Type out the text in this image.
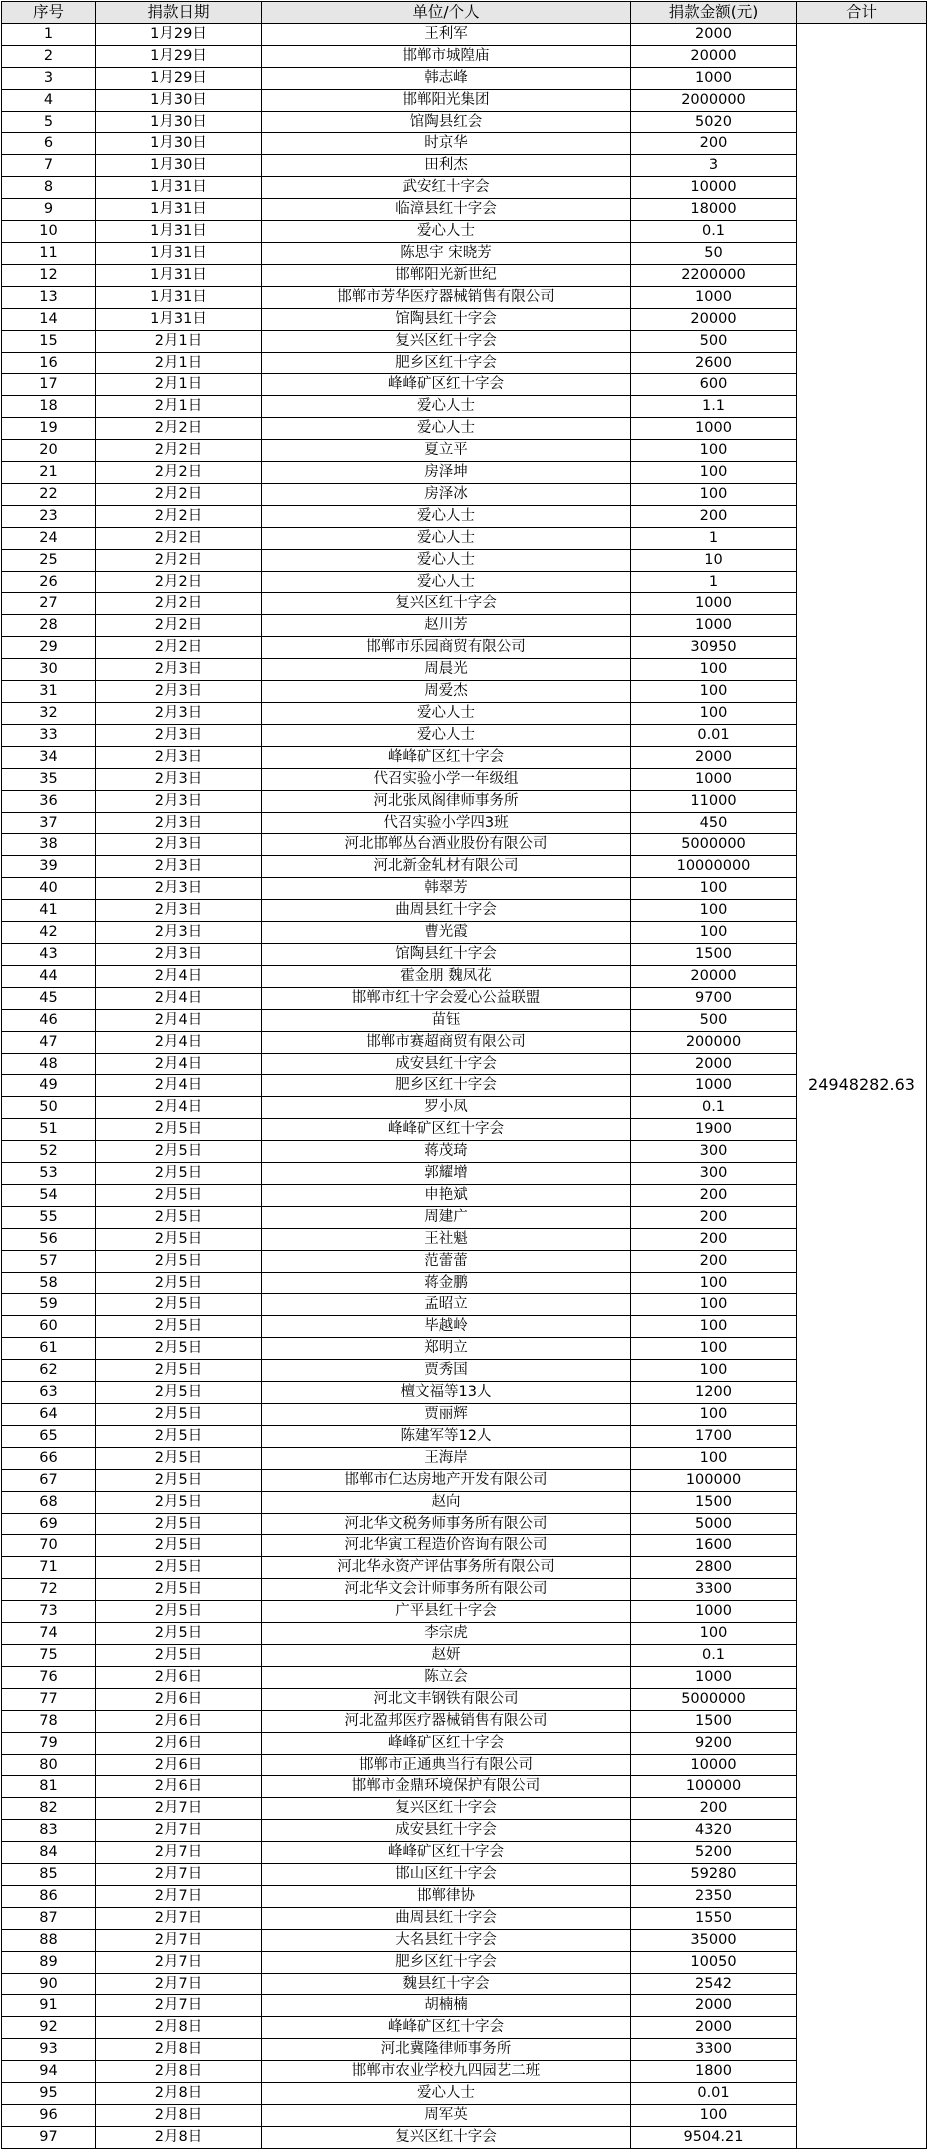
序号	捐款日期	单位/个人	捐款金额(元)	合计
1	1月29日	王利军	2000	24948282.63
2	1月29日	邯郸市城隍庙	20000	
3	1月29日	韩志峰	1000	
4	1月30日	邯郸阳光集团	2000000	
5	1月30日	馆陶县红会	5020	
6	1月30日	时京华	200	
7	1月30日	田利杰	3	
8	1月31日	武安红十字会	10000	
9	1月31日	临漳县红十字会	18000	
10	1月31日	爱心人士	0.1	
11	1月31日	陈思宇 宋晓芳	50	
12	1月31日	邯郸阳光新世纪	2200000	
13	1月31日	邯郸市芳华医疗器械销售有限公司	1000	
14	1月31日	馆陶县红十字会	20000	
15	2月1日	复兴区红十字会	500	
16	2月1日	肥乡区红十字会	2600	
17	2月1日	峰峰矿区红十字会	600	
18	2月1日	爱心人士	1.1	
19	2月2日	爱心人士	1000	
20	2月2日	夏立平	100	
21	2月2日	房泽坤	100	
22	2月2日	房泽冰	100	
23	2月2日	爱心人士	200	
24	2月2日	爱心人士	1	
25	2月2日	爱心人士	10	
26	2月2日	爱心人士	1	
27	2月2日	复兴区红十字会	1000	
28	2月2日	赵川芳	1000	
29	2月2日	邯郸市乐园商贸有限公司	30950	
30	2月3日	周晨光	100	
31	2月3日	周爱杰	100	
32	2月3日	爱心人士	100	
33	2月3日	爱心人士	0.01	
34	2月3日	峰峰矿区红十字会	2000	
35	2月3日	代召实验小学一年级组	1000	
36	2月3日	河北张凤阁律师事务所	11000	
37	2月3日	代召实验小学四3班	450	
38	2月3日	河北邯郸丛台酒业股份有限公司	5000000	
39	2月3日	河北新金轧材有限公司	10000000	
40	2月3日	韩翠芳	100	
41	2月3日	曲周县红十字会	100	
42	2月3日	曹光霞	100	
43	2月3日	馆陶县红十字会	1500	
44	2月4日	霍金朋 魏凤花	20000	
45	2月4日	邯郸市红十字会爱心公益联盟	9700	
46	2月4日	苗钰	500	
47	2月4日	邯郸市赛超商贸有限公司	200000	
48	2月4日	成安县红十字会	2000	
49	2月4日	肥乡区红十字会	1000	
50	2月4日	罗小凤	0.1	
51	2月5日	峰峰矿区红十字会	1900	
52	2月5日	蒋茂琦	300	
53	2月5日	郭耀增	300	
54	2月5日	申艳斌	200	
55	2月5日	周建广	200	
56	2月5日	王社魁	200	
57	2月5日	范蕾蕾	200	
58	2月5日	蒋金鹏	100	
59	2月5日	孟昭立	100	
60	2月5日	毕越岭	100	
61	2月5日	郑明立	100	
62	2月5日	贾秀国	100	
63	2月5日	檀文福等13人	1200	
64	2月5日	贾丽辉	100	
65	2月5日	陈建军等12人	1700	
66	2月5日	王海岸	100	
67	2月5日	邯郸市仁达房地产开发有限公司	100000	
68	2月5日	赵向	1500	
69	2月5日	河北华文税务师事务所有限公司	5000	
70	2月5日	河北华寅工程造价咨询有限公司	1600	
71	2月5日	河北华永资产评估事务所有限公司	2800	
72	2月5日	河北华文会计师事务所有限公司	3300	
73	2月5日	广平县红十字会	1000	
74	2月5日	李宗虎	100	
75	2月5日	赵妍	0.1	
76	2月6日	陈立会	1000	
77	2月6日	河北文丰钢铁有限公司	5000000	
78	2月6日	河北盈邦医疗器械销售有限公司	1500	
79	2月6日	峰峰矿区红十字会	9200	
80	2月6日	邯郸市正通典当行有限公司	10000	
81	2月6日	邯郸市金鼎环境保护有限公司	100000	
82	2月7日	复兴区红十字会	200	
83	2月7日	成安县红十字会	4320	
84	2月7日	峰峰矿区红十字会	5200	
85	2月7日	邯山区红十字会	59280	
86	2月7日	邯郸律协	2350	
87	2月7日	曲周县红十字会	1550	
88	2月7日	大名县红十字会	35000	
89	2月7日	肥乡区红十字会	10050	
90	2月7日	魏县红十字会	2542	
91	2月7日	胡楠楠	2000	
92	2月8日	峰峰矿区红十字会	2000	
93	2月8日	河北冀隆律师事务所	3300	
94	2月8日	邯郸市农业学校九四园艺二班	1800	
95	2月8日	爱心人士	0.01	
96	2月8日	周军英	100	
97	2月8日	复兴区红十字会	9504.21	
